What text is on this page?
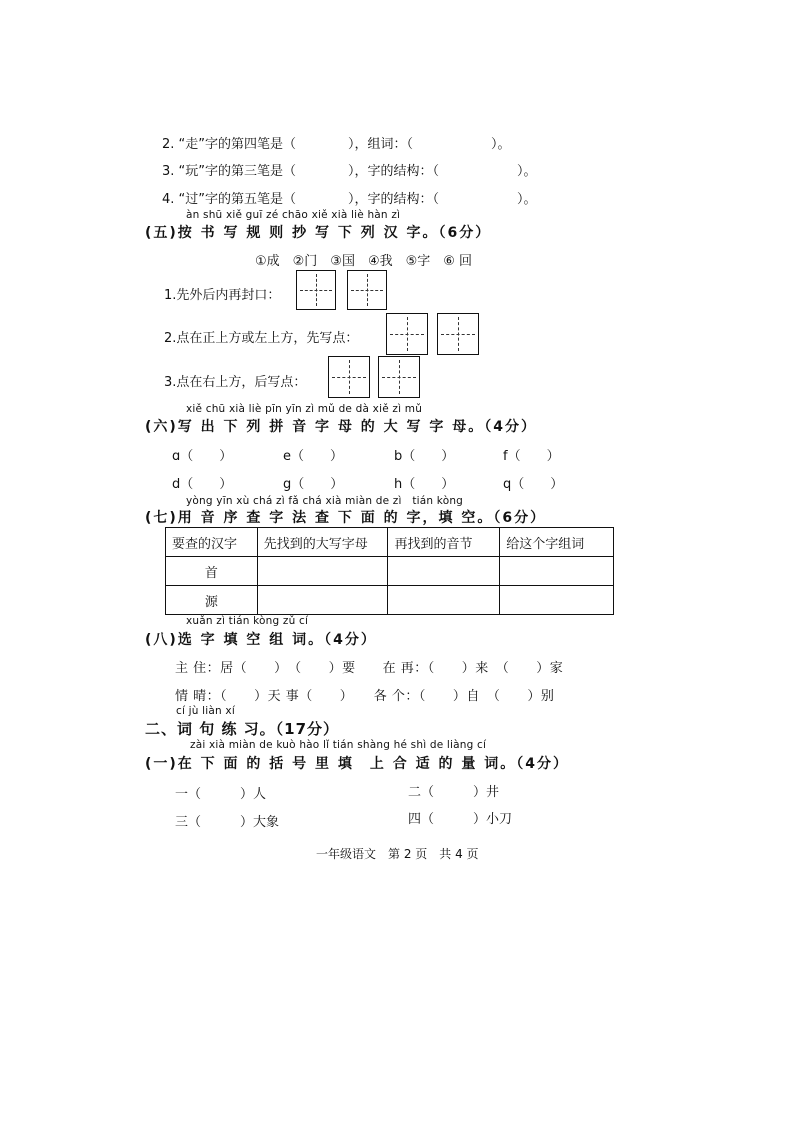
2. “走”字的第四笔是（　　　　），组词：（　　　　　　）。
3. “玩”字的第三笔是（　　　　），字的结构：（　　　　　　）。
4. “过”字的第五笔是（　　　　），字的结构：（　　　　　　）。
àn shū xiě guī zé chāo xiě xià liè hàn zì
(五)按 书 写 规 则 抄 写 下 列 汉 字。（6分）
①成　②门　③国　④我　⑤字　⑥ 回
1.先外后内再封口：
2.点在正上方或左上方，先写点：
3.点在右上方，后写点：
xiě chū xià liè pīn yīn zì mǔ de dà xiě zì mǔ
(六)写 出 下 列 拼 音 字 母 的 大 写 字 母。（4分）
ɑ（　　）	e（　　）	b（　　）	f（　　）
d（　　）	g（　　）	h（　　）	q（　　）
yòng yīn xù chá zì fǎ chá xià miàn de zì　tián kòng
(七)用 音 序 查 字 法 查 下 面 的 字，填 空。（6分）
要查的汉字	先找到的大写字母	再找到的音节	给这个字组词
首			
源			
xuǎn zì tián kòng zǔ cí
(八)选 字 填 空 组 词。（4分）
主 住：居（　　）　（　　）要　　在 再：（　　）来　（　　）家
情 晴：（　　）天 事（　　）　　各 个：（　　）自　（　　）别
cí jù liàn xí
二、词 句 练 习。（17分）
zài xià miàn de kuò hào lǐ tián shàng hé shì de liàng cí
(一)在 下 面 的 括 号 里 填　上 合 适 的 量 词。（4分）
一（　　　）人	二（　　　）井
三（　　　）大象	四（　　　）小刀
一年级语文　第 2 页　共 4 页
